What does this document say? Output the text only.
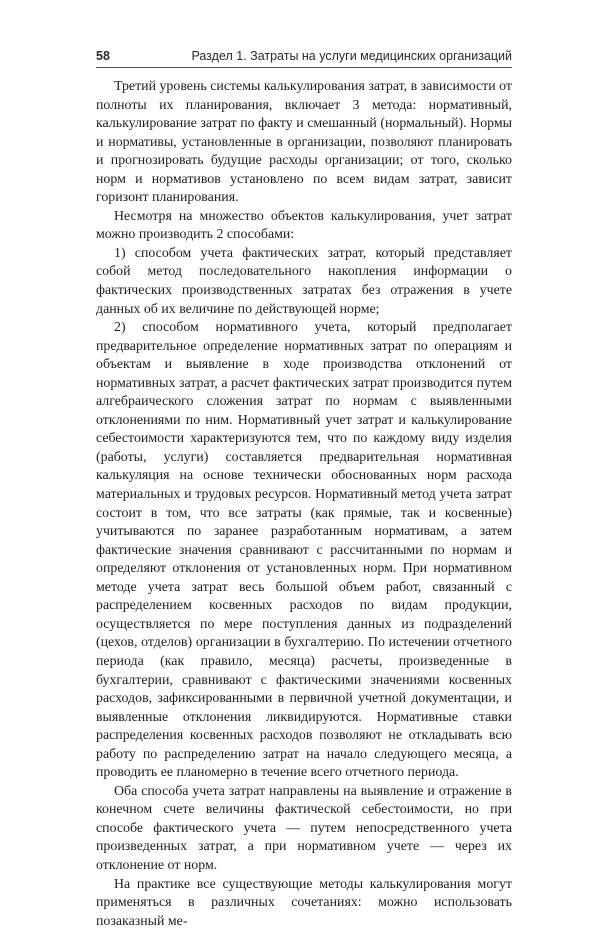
58	Раздел 1. Затраты на услуги медицинских организаций

Третий уровень системы калькулирования затрат, в зависимости от полноты их планирования, включает 3 метода: нормативный, калькулирование затрат по факту и смешанный (нормальный). Нормы и нормативы, установленные в организации, позволяют планировать и прогнозировать будущие расходы организации; от того, сколько норм и нормативов установлено по всем видам затрат, зависит горизонт планирования.

Несмотря на множество объектов калькулирования, учет затрат можно производить 2 способами:

1) способом учета фактических затрат, который представляет собой метод последовательного накопления информации о фактических производственных затратах без отражения в учете данных об их величине по действующей норме;

2) способом нормативного учета, который предполагает предварительное определение нормативных затрат по операциям и объектам и выявление в ходе производства отклонений от нормативных затрат, а расчет фактических затрат производится путем алгебраического сложения затрат по нормам с выявленными отклонениями по ним. Нормативный учет затрат и калькулирование себестоимости характеризуются тем, что по каждому виду изделия (работы, услуги) составляется предварительная нормативная калькуляция на основе технически обоснованных норм расхода материальных и трудовых ресурсов. Нормативный метод учета затрат состоит в том, что все затраты (как прямые, так и косвенные) учитываются по заранее разработанным нормативам, а затем фактические значения сравнивают с рассчитанными по нормам и определяют отклонения от установленных норм. При нормативном методе учета затрат весь большой объем работ, связанный с распределением косвенных расходов по видам продукции, осуществляется по мере поступления данных из подразделений (цехов, отделов) организации в бухгалтерию. По истечении отчетного периода (как правило, месяца) расчеты, произведенные в бухгалтерии, сравнивают с фактическими значениями косвенных расходов, зафиксированными в первичной учетной документации, и выявленные отклонения ликвидируются. Нормативные ставки распределения косвенных расходов позволяют не откладывать всю работу по распределению затрат на начало следующего месяца, а проводить ее планомерно в течение всего отчетного периода.

Оба способа учета затрат направлены на выявление и отражение в конечном счете величины фактической себестоимости, но при способе фактического учета — путем непосредственного учета произведенных затрат, а при нормативном учете — через их отклонение от норм.

На практике все существующие методы калькулирования могут применяться в различных сочетаниях: можно использовать позаказный ме-
